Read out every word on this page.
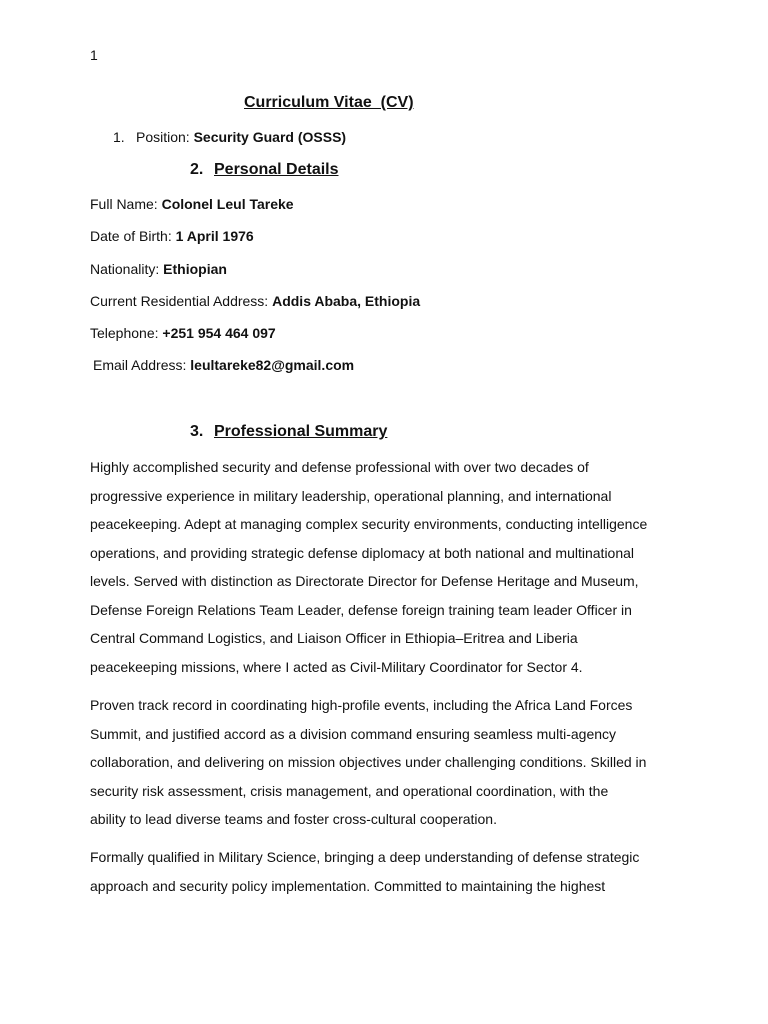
1
Curriculum Vitae  (CV)
1. Position: Security Guard (OSSS)
2. Personal Details
Full Name: Colonel Leul Tareke
Date of Birth: 1 April 1976
Nationality: Ethiopian
Current Residential Address: Addis Ababa, Ethiopia
Telephone: +251 954 464 097
Email Address: leultareke82@gmail.com
3. Professional Summary

Highly accomplished security and defense professional with over two decades of
progressive experience in military leadership, operational planning, and international
peacekeeping. Adept at managing complex security environments, conducting intelligence
operations, and providing strategic defense diplomacy at both national and multinational
levels. Served with distinction as Directorate Director for Defense Heritage and Museum,
Defense Foreign Relations Team Leader, defense foreign training team leader Officer in
Central Command Logistics, and Liaison Officer in Ethiopia–Eritrea and Liberia
peacekeeping missions, where I acted as Civil-Military Coordinator for Sector 4.

Proven track record in coordinating high-profile events, including the Africa Land Forces
Summit, and justified accord as a division command ensuring seamless multi-agency
collaboration, and delivering on mission objectives under challenging conditions. Skilled in
security risk assessment, crisis management, and operational coordination, with the
ability to lead diverse teams and foster cross-cultural cooperation.

Formally qualified in Military Science, bringing a deep understanding of defense strategic
approach and security policy implementation. Committed to maintaining the highest
